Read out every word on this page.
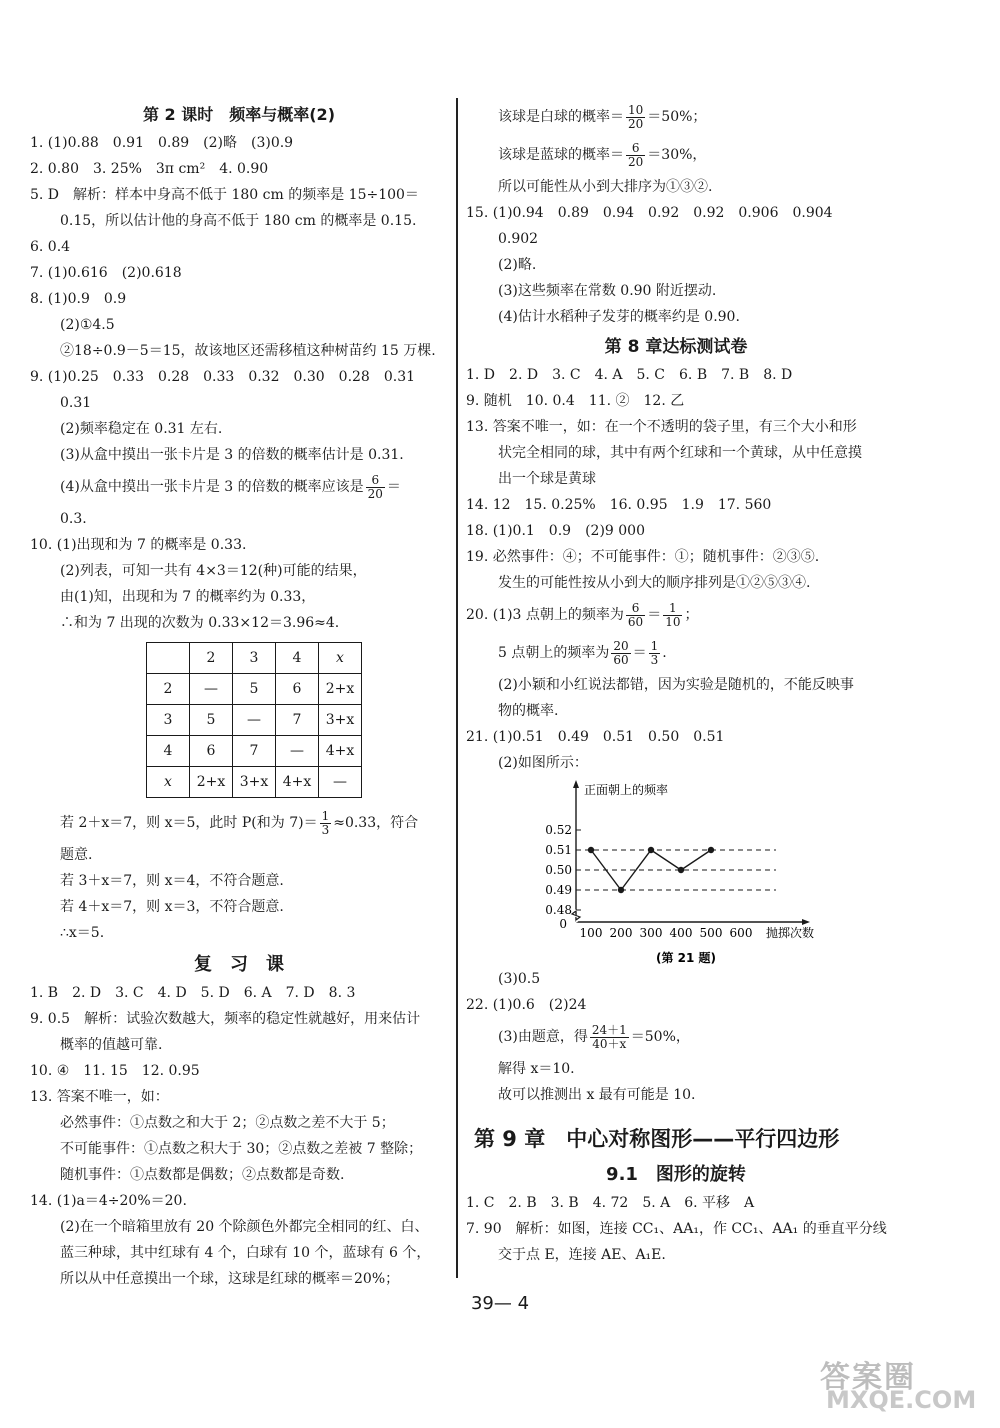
第 2 课时　频率与概率(2)
1. (1)0.88　0.91　0.89　(2)略　(3)0.9
2. 0.80　3. 25%　3π cm²　4. 0.90
5. D　解析：样本中身高不低于 180 cm 的频率是 15÷100＝
0.15，所以估计他的身高不低于 180 cm 的概率是 0.15.
6. 0.4
7. (1)0.616　(2)0.618
8. (1)0.9　0.9
(2)①4.5
②18÷0.9－5＝15，故该地区还需移植这种树苗约 15 万棵.
9. (1)0.25　0.33　0.28　0.33　0.32　0.30　0.28　0.31
0.31
(2)频率稳定在 0.31 左右.
(3)从盒中摸出一张卡片是 3 的倍数的概率估计是 0.31.
(4)从盒中摸出一张卡片是 3 的倍数的概率应该是 $\frac{6}{20}$ ＝
0.3.
10. (1)出现和为 7 的概率是 0.33.
(2)列表，可知一共有 4×3＝12(种)可能的结果，
由(1)知，出现和为 7 的概率约为 0.33，
∴和为 7 出现的次数为 0.33×12＝3.96≈4.
	2	3	4	x
2	—	5	6	2+x
3	5	—	7	3+x
4	6	7	—	4+x
x	2+x	3+x	4+x	—
若 2＋x＝7，则 x＝5，此时 P(和为 $7)= \frac{1}{3} \approx 0.33$，符合
题意.
若 3＋x＝7，则 x＝4，不符合题意.
若 4＋x＝7，则 x＝3，不符合题意.
∴x＝5.
复　习　课
1. B　2. D　3. C　4. D　5. D　6. A　7. D　8. 3
9. 0.5　解析：试验次数越大，频率的稳定性就越好，用来估计
概率的值越可靠.
10. ④　11. 15　12. 0.95
13. 答案不唯一，如：
必然事件：①点数之和大于 2；②点数之差不大于 5；
不可能事件：①点数之积大于 30；②点数之差被 7 整除；
随机事件：①点数都是偶数；②点数都是奇数.
14. (1)a＝4÷20%＝20.
(2)在一个暗箱里放有 20 个除颜色外都完全相同的红、白、
蓝三种球，其中红球有 4 个，白球有 10 个，蓝球有 6 个，
所以从中任意摸出一个球，这球是红球的概率＝20%；
该球是白球的概率＝ $\frac{10}{20} =50\%$；
该球是蓝球的概率＝ $\frac{6}{20} =30\%$，
所以可能性从小到大排序为①③②.
15. (1)0.94　0.89　0.94　0.92　0.92　0.906　0.904
0.902
(2)略.
(3)这些频率在常数 0.90 附近摆动.
(4)估计水稻种子发芽的概率约是 0.90.
第 8 章达标测试卷
1. D　2. D　3. C　4. A　5. C　6. B　7. B　8. D
9. 随机　10. 0.4　11. ②　12. 乙
13. 答案不唯一，如：在一个不透明的袋子里，有三个大小和形
状完全相同的球，其中有两个红球和一个黄球，从中任意摸
出一个球是黄球
14. 12　15. 0.25%　16. 0.95　1.9　17. 560
18. (1)0.1　0.9　(2)9 000
19. 必然事件：④；不可能事件：①；随机事件：②③⑤.
发生的可能性按从小到大的顺序排列是①②⑤③④.
20. (1)3 点朝上的频率为 $\frac{6}{60} = \frac{1}{10}$ ；
5 点朝上的频率为 $\frac{20}{60} = \frac{1}{3}$ .
(2)小颖和小红说法都错，因为实验是随机的，不能反映事
物的概率.
21. (1)0.51　0.49　0.51　0.50　0.51
(2)如图所示：
0.48
0.49
0.50
0.51
0.52
100 200 300 400 500 600
0
正面朝上的频率
抛掷次数
(第 21 题)
(3)0.5
22. (1)0.6　(2)24
(3)由题意，得 $\frac{24+1}{40+x} =50\%$，
解得 x＝10.
故可以推测出 x 最有可能是 10.
第 9 章　中心对称图形——平行四边形
9.1　图形的旋转
1. C　2. B　3. B　4. 72　5. A　6. 平移　A
7. 90　解析：如图，连接 CC₁、AA₁，作 CC₁、AA₁ 的垂直平分线
交于点 E，连接 AE、A₁E.
39— 4
答案圈
MXQE.COM
